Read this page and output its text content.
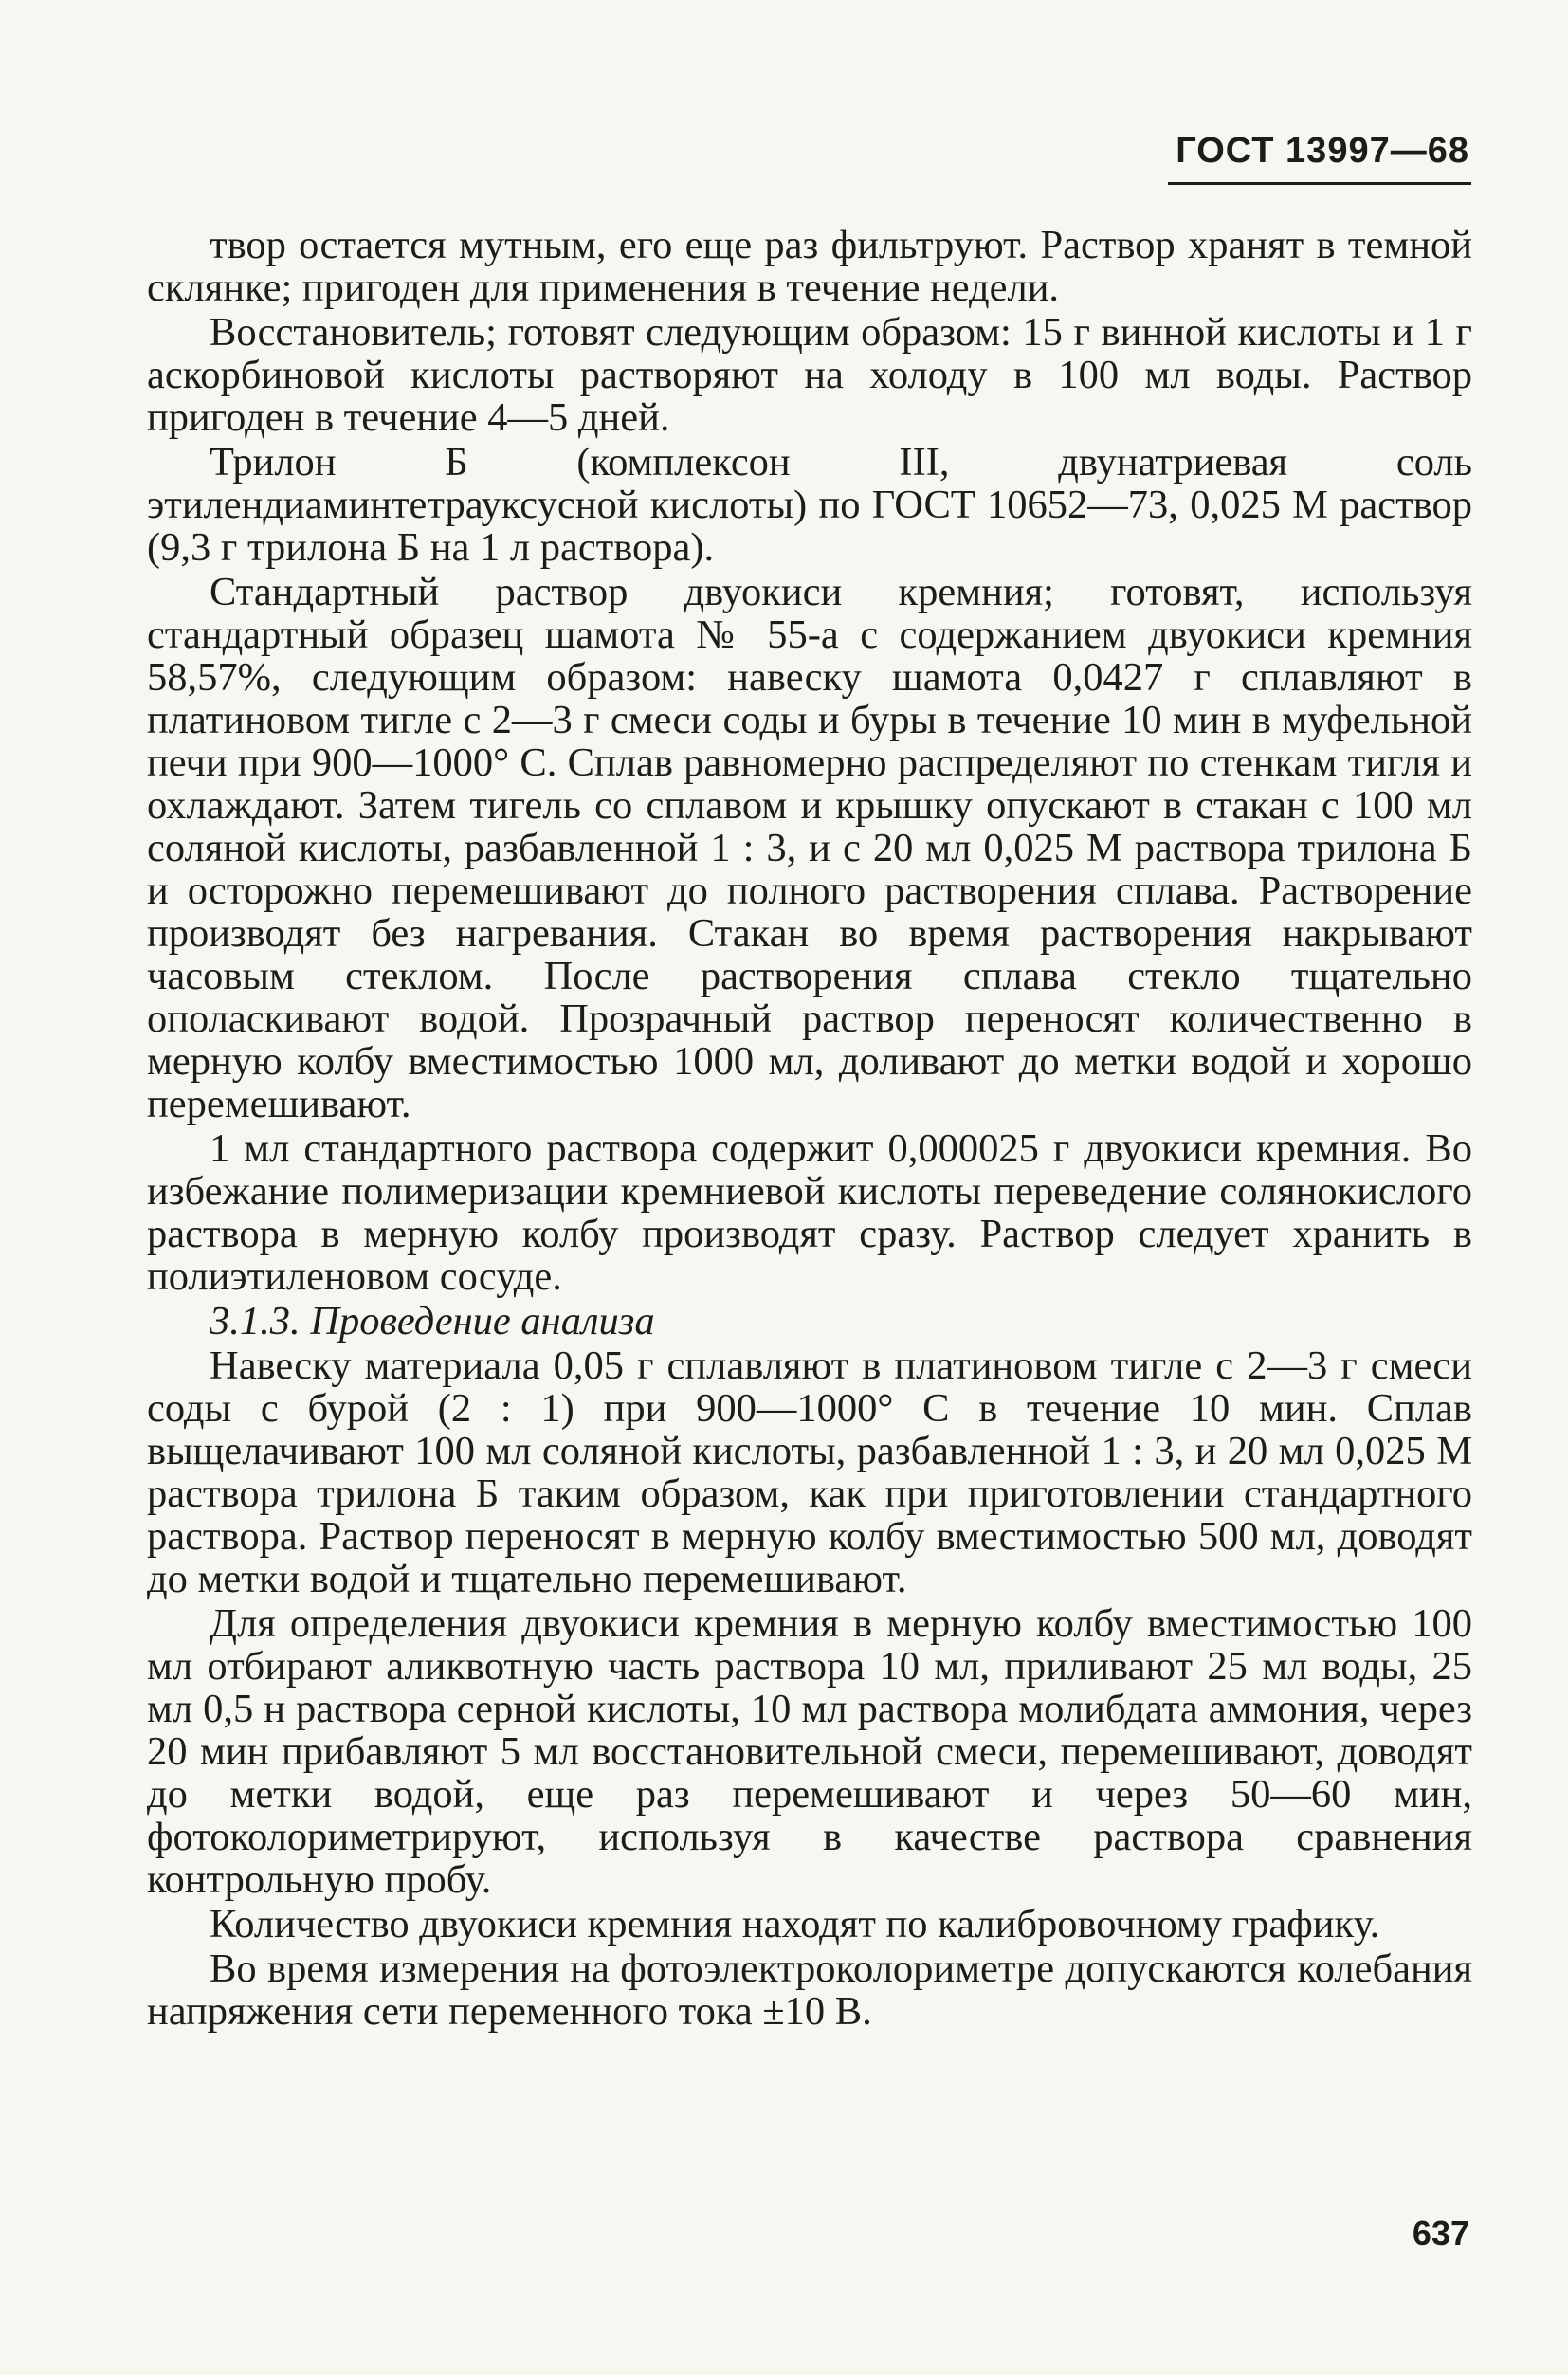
ГОСТ 13997—68

твор остается мутным, его еще раз фильтруют. Раствор хранят в темной склянке; пригоден для применения в течение недели.

Восстановитель; готовят следующим образом: 15 г винной кислоты и 1 г аскорбиновой кислоты растворяют на холоду в 100 мл воды. Раствор пригоден в течение 4—5 дней.

Трилон Б (комплексон III, двунатриевая соль этилендиаминтетрауксусной кислоты) по ГОСТ 10652—73, 0,025 М раствор (9,3 г трилона Б на 1 л раствора).

Стандартный раствор двуокиси кремния; готовят, используя стандартный образец шамота № 55-а с содержанием двуокиси кремния 58,57%, следующим образом: навеску шамота 0,0427 г сплавляют в платиновом тигле с 2—3 г смеси соды и буры в течение 10 мин в муфельной печи при 900—1000° С. Сплав равномерно распределяют по стенкам тигля и охлаждают. Затем тигель со сплавом и крышку опускают в стакан с 100 мл соляной кислоты, разбавленной 1 : 3, и с 20 мл 0,025 М раствора трилона Б и осторожно перемешивают до полного растворения сплава. Растворение производят без нагревания. Стакан во время растворения накрывают часовым стеклом. После растворения сплава стекло тщательно ополаскивают водой. Прозрачный раствор переносят количественно в мерную колбу вместимостью 1000 мл, доливают до метки водой и хорошо перемешивают.

1 мл стандартного раствора содержит 0,000025 г двуокиси кремния. Во избежание полимеризации кремниевой кислоты переведение солянокислого раствора в мерную колбу производят сразу. Раствор следует хранить в полиэтиленовом сосуде.

3.1.3. Проведение анализа

Навеску материала 0,05 г сплавляют в платиновом тигле с 2—3 г смеси соды с бурой (2 : 1) при 900—1000° С в течение 10 мин. Сплав выщелачивают 100 мл соляной кислоты, разбавленной 1 : 3, и 20 мл 0,025 М раствора трилона Б таким образом, как при приготовлении стандартного раствора. Раствор переносят в мерную колбу вместимостью 500 мл, доводят до метки водой и тщательно перемешивают.

Для определения двуокиси кремния в мерную колбу вместимостью 100 мл отбирают аликвотную часть раствора 10 мл, приливают 25 мл воды, 25 мл 0,5 н раствора серной кислоты, 10 мл раствора молибдата аммония, через 20 мин прибавляют 5 мл восстановительной смеси, перемешивают, доводят до метки водой, еще раз перемешивают и через 50—60 мин, фотоколориметрируют, используя в качестве раствора сравнения контрольную пробу.

Количество двуокиси кремния находят по калибровочному графику.

Во время измерения на фотоэлектроколориметре допускаются колебания напряжения сети переменного тока ±10 В.

637
